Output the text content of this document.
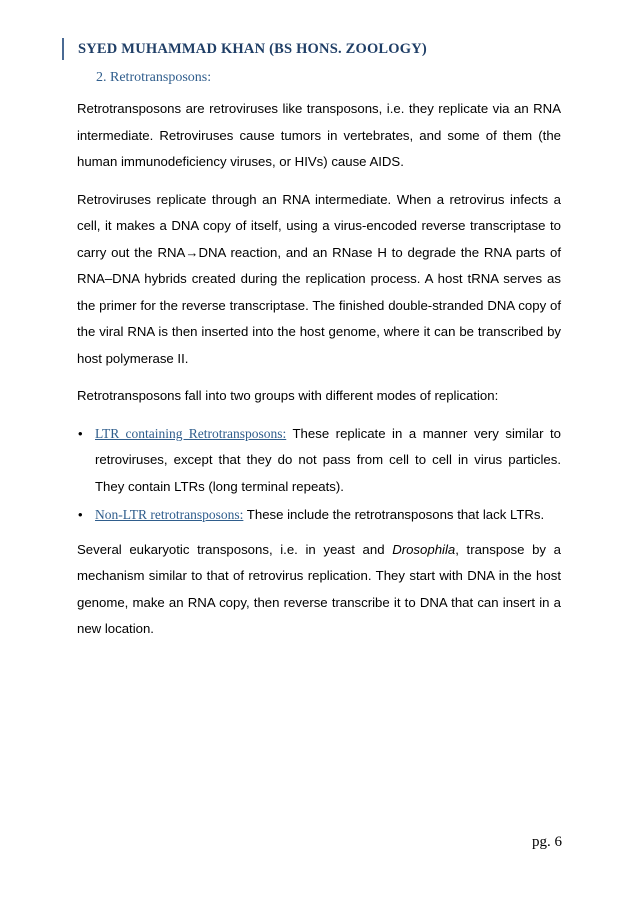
SYED MUHAMMAD KHAN (BS HONS. ZOOLOGY)
2. Retrotransposons:

Retrotransposons are retroviruses like transposons, i.e. they replicate via an RNA intermediate. Retroviruses cause tumors in vertebrates, and some of them (the human immunodeficiency viruses, or HIVs) cause AIDS.

Retroviruses replicate through an RNA intermediate. When a retrovirus infects a cell, it makes a DNA copy of itself, using a virus-encoded reverse transcriptase to carry out the RNA→DNA reaction, and an RNase H to degrade the RNA parts of RNA–DNA hybrids created during the replication process. A host tRNA serves as the primer for the reverse transcriptase. The finished double-stranded DNA copy of the viral RNA is then inserted into the host genome, where it can be transcribed by host polymerase II.

Retrotransposons fall into two groups with different modes of replication:

• LTR containing Retrotransposons: These replicate in a manner very similar to retroviruses, except that they do not pass from cell to cell in virus particles. They contain LTRs (long terminal repeats).
• Non-LTR retrotransposons: These include the retrotransposons that lack LTRs.

Several eukaryotic transposons, i.e. in yeast and Drosophila, transpose by a mechanism similar to that of retrovirus replication. They start with DNA in the host genome, make an RNA copy, then reverse transcribe it to DNA that can insert in a new location.

pg. 6
